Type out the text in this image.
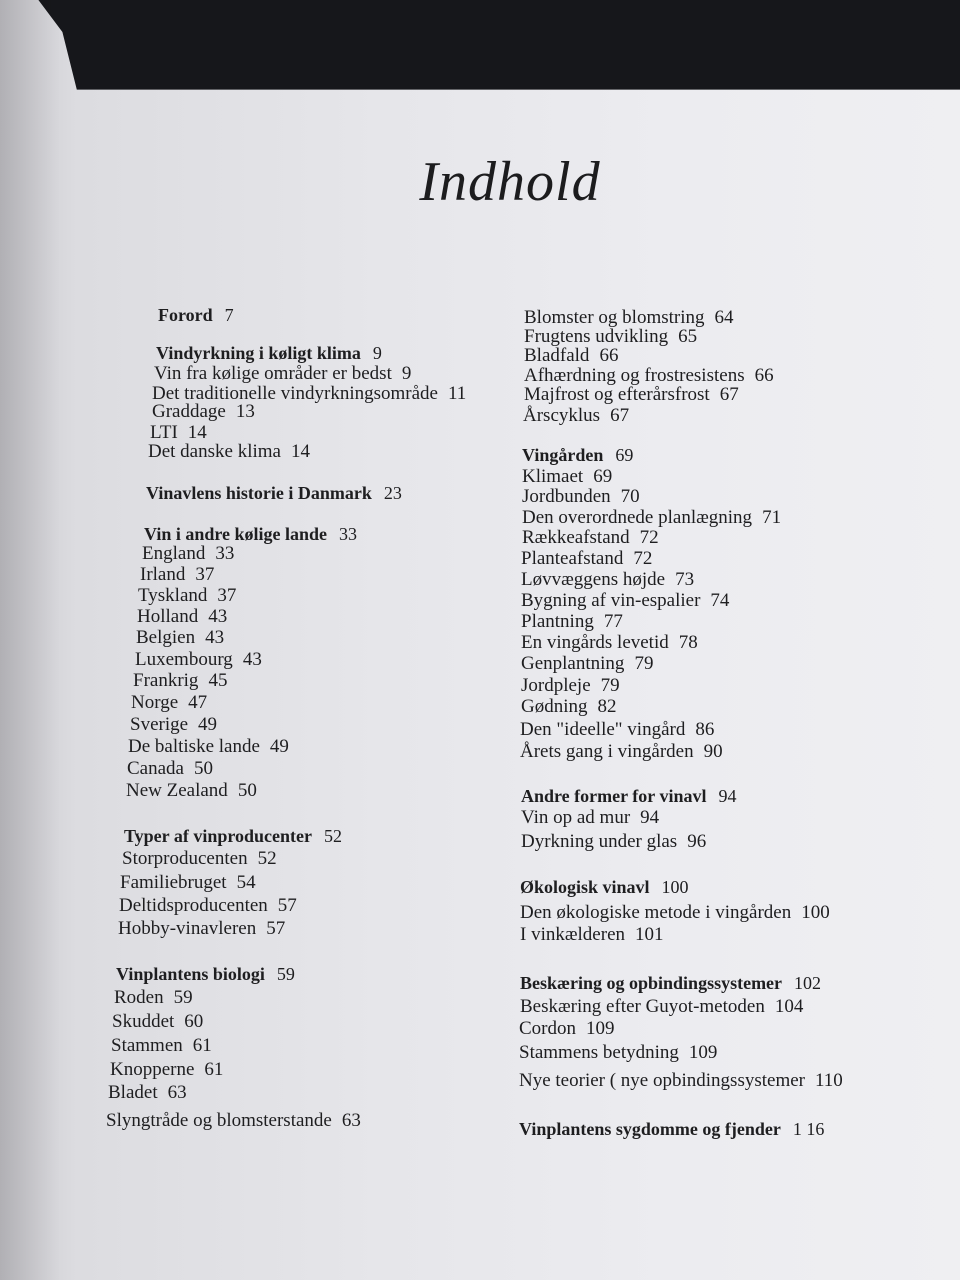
Indhold
Forord 7
Vindyrkning i køligt klima 9
Vin fra kølige områder er bedst 9
Det traditionelle vindyrkningsområde 11
Graddage 13
LTI 14
Det danske klima 14
Vinavlens historie i Danmark 23
Vin i andre kølige lande 33
England 33
Irland 37
Tyskland 37
Holland 43
Belgien 43
Luxembourg 43
Frankrig 45
Norge 47
Sverige 49
De baltiske lande 49
Canada 50
New Zealand 50
Typer af vinproducenter 52
Storproducenten 52
Familiebruget 54
Deltidsproducenten 57
Hobby-vinavleren 57
Vinplantens biologi 59
Roden 59
Skuddet 60
Stammen 61
Knopperne 61
Bladet 63
Slyngtråde og blomsterstande 63
Blomster og blomstring 64
Frugtens udvikling 65
Bladfald 66
Afhærdning og frostresistens 66
Majfrost og efterårsfrost 67
Årscyklus 67
Vingården 69
Klimaet 69
Jordbunden 70
Den overordnede planlægning 71
Rækkeafstand 72
Planteafstand 72
Løvvæggens højde 73
Bygning af vin-espalier 74
Plantning 77
En vingårds levetid 78
Genplantning 79
Jordpleje 79
Gødning 82
Den "ideelle" vingård 86
Årets gang i vingården 90
Andre former for vinavl 94
Vin op ad mur 94
Dyrkning under glas 96
Økologisk vinavl 100
Den økologiske metode i vingården 100
I vinkælderen 101
Beskæring og opbindingssystemer 102
Beskæring efter Guyot-metoden 104
Cordon 109
Stammens betydning 109
Nye teorier ( nye opbindingssystemer 110
Vinplantens sygdomme og fjender 1 16
